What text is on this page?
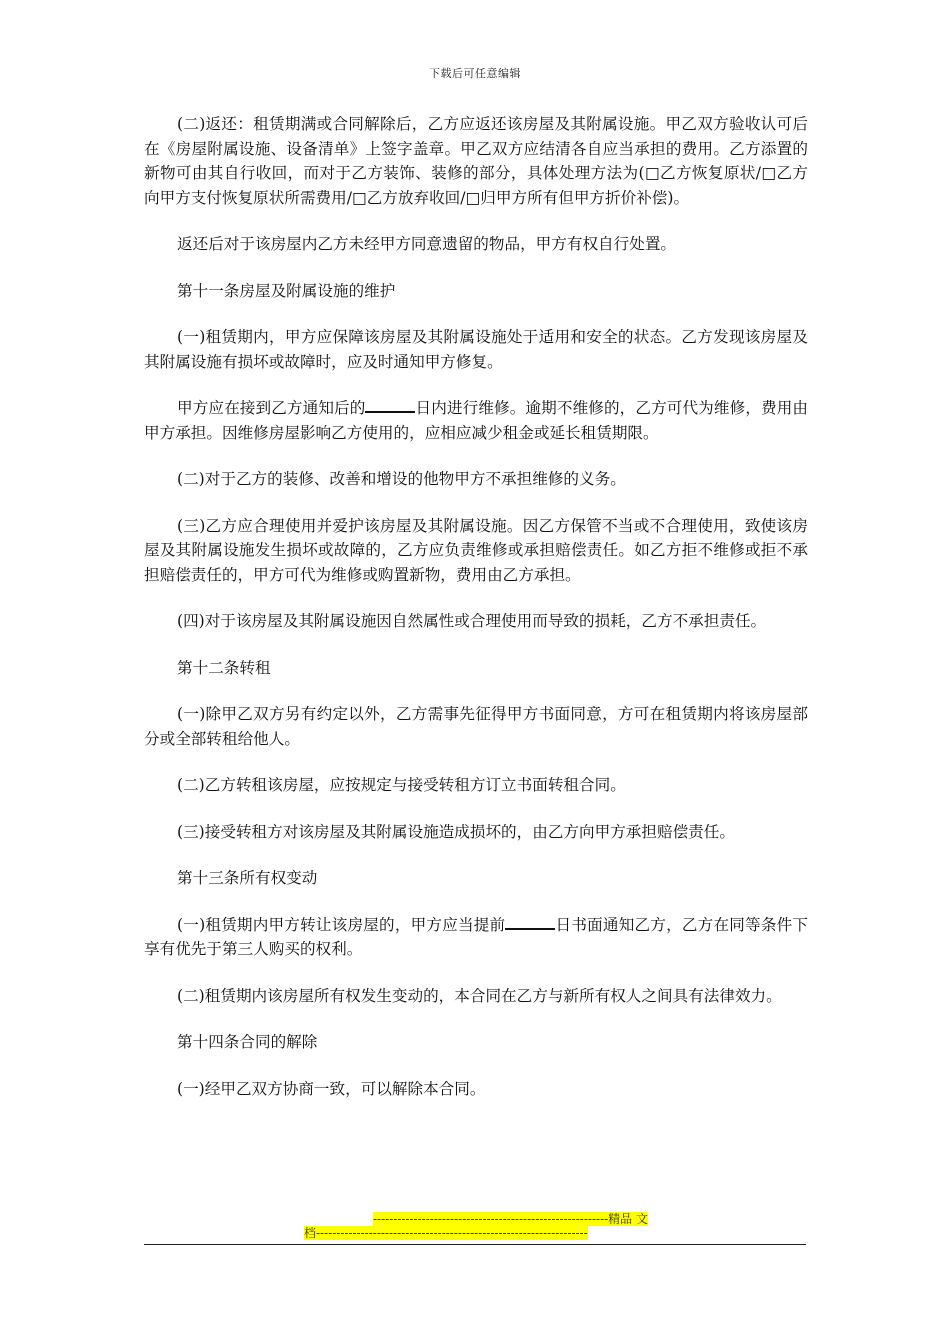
下载后可任意编辑

(二)返还：租赁期满或合同解除后，乙方应返还该房屋及其附属设施。甲乙双方验收认可后在《房屋附属设施、设备清单》上签字盖章。甲乙双方应结清各自应当承担的费用。乙方添置的新物可由其自行收回，而对于乙方装饰、装修的部分，具体处理方法为(□乙方恢复原状/□乙方向甲方支付恢复原状所需费用/□乙方放弃收回/□归甲方所有但甲方折价补偿)。

返还后对于该房屋内乙方未经甲方同意遗留的物品，甲方有权自行处置。

第十一条房屋及附属设施的维护

(一)租赁期内，甲方应保障该房屋及其附属设施处于适用和安全的状态。乙方发现该房屋及其附属设施有损坏或故障时，应及时通知甲方修复。

甲方应在接到乙方通知后的	日内进行维修。逾期不维修的，乙方可代为维修，费用由甲方承担。因维修房屋影响乙方使用的，应相应减少租金或延长租赁期限。

(二)对于乙方的装修、改善和增设的他物甲方不承担维修的义务。

(三)乙方应合理使用并爱护该房屋及其附属设施。因乙方保管不当或不合理使用，致使该房屋及其附属设施发生损坏或故障的，乙方应负责维修或承担赔偿责任。如乙方拒不维修或拒不承担赔偿责任的，甲方可代为维修或购置新物，费用由乙方承担。

(四)对于该房屋及其附属设施因自然属性或合理使用而导致的损耗，乙方不承担责任。

第十二条转租

(一)除甲乙双方另有约定以外，乙方需事先征得甲方书面同意，方可在租赁期内将该房屋部分或全部转租给他人。

(二)乙方转租该房屋，应按规定与接受转租方订立书面转租合同。

(三)接受转租方对该房屋及其附属设施造成损坏的，由乙方向甲方承担赔偿责任。

第十三条所有权变动

(一)租赁期内甲方转让该房屋的，甲方应当提前	日书面通知乙方，乙方在同等条件下享有优先于第三人购买的权利。

(二)租赁期内该房屋所有权发生变动的，本合同在乙方与新所有权人之间具有法律效力。

第十四条合同的解除

(一)经甲乙双方协商一致，可以解除本合同。

----------------------------------------------------------精品 文
档-------------------------------------------------------------------
